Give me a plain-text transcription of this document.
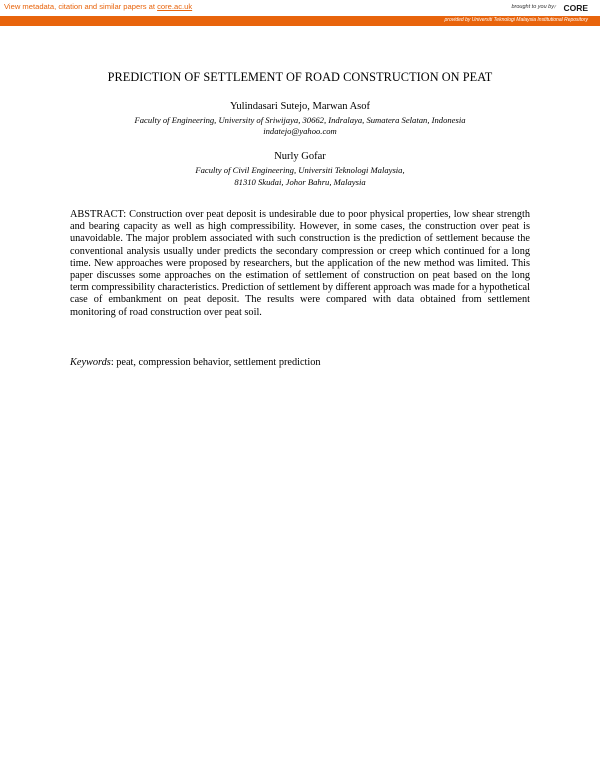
View metadata, citation and similar papers at core.ac.uk	brought to you by CORE
provided by Universiti Teknologi Malaysia Institutional Repository
PREDICTION OF SETTLEMENT OF ROAD CONSTRUCTION ON PEAT
Yulindasari Sutejo, Marwan Asof
Faculty of Engineering, University of Sriwijaya, 30662, Indralaya, Sumatera Selatan, Indonesia
indatejo@yahoo.com
Nurly Gofar
Faculty of Civil Engineering, Universiti Teknologi Malaysia,
81310 Skudai, Johor Bahru, Malaysia
ABSTRACT: Construction over peat deposit is undesirable due to poor physical properties, low shear strength and bearing capacity as well as high compressibility. However, in some cases, the construction over peat is unavoidable. The major problem associated with such construction is the prediction of settlement because the conventional analysis usually under predicts the secondary compression or creep which continued for a long time. New approaches were proposed by researchers, but the application of the new method was limited. This paper discusses some approaches on the estimation of settlement of construction on peat based on the long term compressibility characteristics. Prediction of settlement by different approach was made for a hypothetical case of embankment on peat deposit. The results were compared with data obtained from settlement monitoring of road construction over peat soil.
Keywords: peat, compression behavior, settlement prediction
